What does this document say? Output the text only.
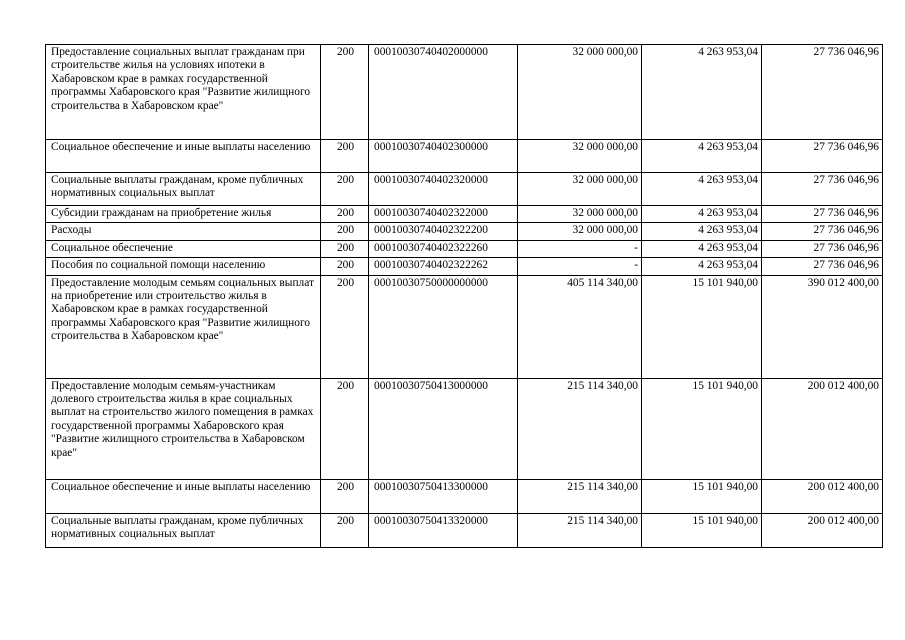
Предоставление социальных выплат гражданам при строительстве жилья на условиях ипотеки в Хабаровском крае в рамках государственной программы Хабаровского края "Развитие жилищного строительства в Хабаровском крае"	200	00010030740402000000	32 000 000,00	4 263 953,04	27 736 046,96
Социальное обеспечение и иные выплаты населению	200	00010030740402300000	32 000 000,00	4 263 953,04	27 736 046,96
Социальные выплаты гражданам, кроме публичных нормативных социальных выплат	200	00010030740402320000	32 000 000,00	4 263 953,04	27 736 046,96
Субсидии гражданам на приобретение жилья	200	00010030740402322000	32 000 000,00	4 263 953,04	27 736 046,96
Расходы	200	00010030740402322200	32 000 000,00	4 263 953,04	27 736 046,96
Социальное обеспечение	200	00010030740402322260	-	4 263 953,04	27 736 046,96
Пособия по социальной помощи населению	200	00010030740402322262	-	4 263 953,04	27 736 046,96
Предоставление молодым семьям социальных выплат на приобретение или строительство жилья в Хабаровском крае в рамках государственной программы Хабаровского края "Развитие жилищного строительства в Хабаровском крае"	200	00010030750000000000	405 114 340,00	15 101 940,00	390 012 400,00
Предоставление молодым семьям-участникам долевого строительства жилья в крае социальных выплат на строительство жилого помещения в рамках государственной программы Хабаровского края "Развитие жилищного строительства в Хабаровском крае"	200	00010030750413000000	215 114 340,00	15 101 940,00	200 012 400,00
Социальное обеспечение и иные выплаты населению	200	00010030750413300000	215 114 340,00	15 101 940,00	200 012 400,00
Социальные выплаты гражданам, кроме публичных нормативных социальных выплат	200	00010030750413320000	215 114 340,00	15 101 940,00	200 012 400,00
